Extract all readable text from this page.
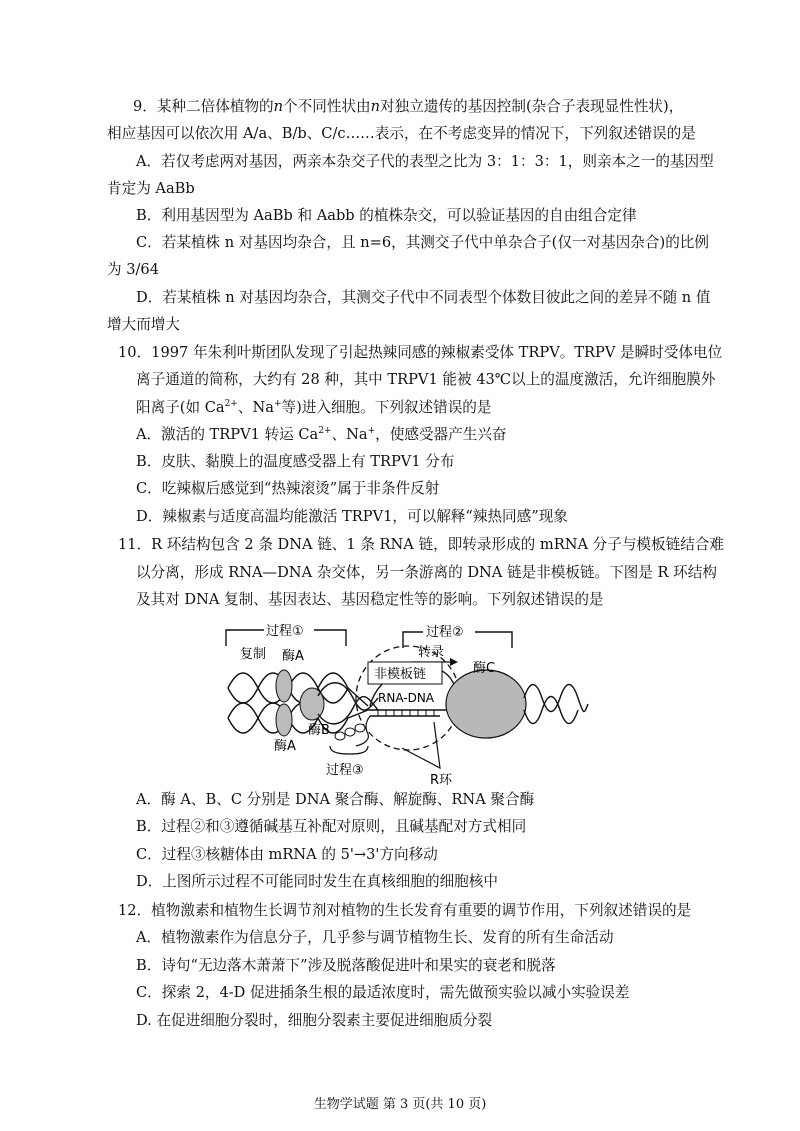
9．某种二倍体植物的n个不同性状由n对独立遗传的基因控制(杂合子表现显性性状)，
相应基因可以依次用 A/a、B/b、C/c……表示，在不考虑变异的情况下，下列叙述错误的是
A．若仅考虑两对基因，两亲本杂交子代的表型之比为 3：1：3：1，则亲本之一的基因型
肯定为 AaBb
B．利用基因型为 AaBb 和 Aabb 的植株杂交，可以验证基因的自由组合定律
C．若某植株 n 对基因均杂合，且 n=6，其测交子代中单杂合子(仅一对基因杂合)的比例
为 3/64
D．若某植株 n 对基因均杂合，其测交子代中不同表型个体数目彼此之间的差异不随 n 值
增大而增大
10．1997 年朱利叶斯团队发现了引起热辣同感的辣椒素受体 TRPV。TRPV 是瞬时受体电位
离子通道的简称，大约有 28 种，其中 TRPV1 能被 43℃以上的温度激活，允许细胞膜外
阳离子(如 $Ca^{2+}$、Na+等)进入细胞。下列叙述错误的是
A．激活的 TRPV1 转运 $Ca^{2+}$、Na+，使感受器产生兴奋
B．皮肤、黏膜上的温度感受器上有 TRPV1 分布
C．吃辣椒后感觉到“热辣滚烫”属于非条件反射
D．辣椒素与适度高温均能激活 TRPV1，可以解释“辣热同感”现象
11．R 环结构包含 2 条 DNA 链、1 条 RNA 链，即转录形成的 mRNA 分子与模板链结合难
以分离，形成 RNA—DNA 杂交体，另一条游离的 DNA 链是非模板链。下图是 R 环结构
及其对 DNA 复制、基因表达、基因稳定性等的影响。下列叙述错误的是
过程①	过程②
复制	转录
酶A
酶A
酶B
非模板链
RNA-DNA
酶C
过程③
R环
A．酶 A、B、C 分别是 DNA 聚合酶、解旋酶、RNA 聚合酶
B．过程②和③遵循碱基互补配对原则，且碱基配对方式相同
C．过程③核糖体由 mRNA 的 5'→3'方向移动
D．上图所示过程不可能同时发生在真核细胞的细胞核中
12．植物激素和植物生长调节剂对植物的生长发育有重要的调节作用，下列叙述错误的是
A．植物激素作为信息分子，几乎参与调节植物生长、发育的所有生命活动
B．诗句“无边落木萧萧下”涉及脱落酸促进叶和果实的衰老和脱落
C．探索 2，4-D 促进插条生根的最适浓度时，需先做预实验以减小实验误差
D. 在促进细胞分裂时，细胞分裂素主要促进细胞质分裂
生物学试题 第 3 页(共 10 页)
